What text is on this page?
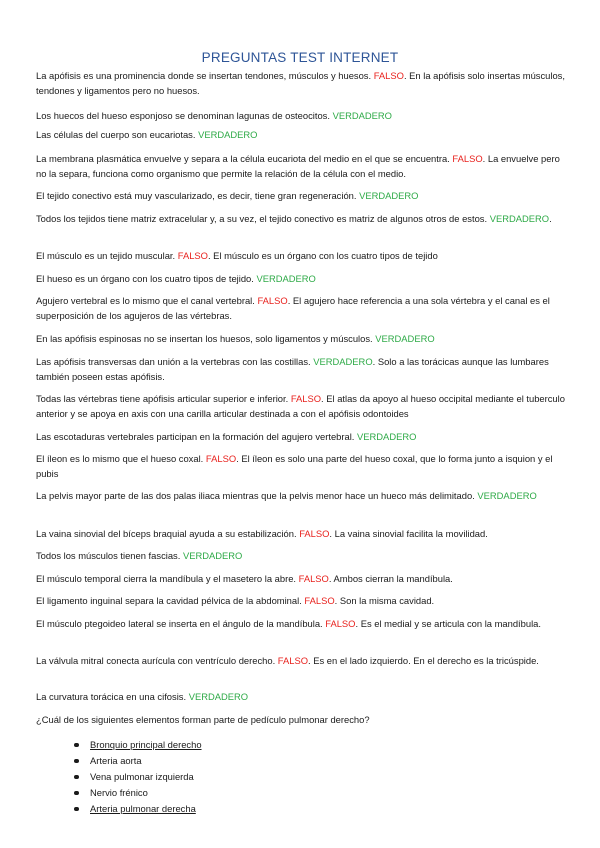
PREGUNTAS TEST INTERNET
La apófisis es una prominencia donde se insertan tendones, músculos y huesos. FALSO. En la apófisis solo insertas músculos, tendones y ligamentos pero no huesos.
Los huecos del hueso esponjoso se denominan lagunas de osteocitos. VERDADERO
Las células del cuerpo son eucariotas. VERDADERO
La membrana plasmática envuelve y separa a la célula eucariota del medio en el que se encuentra. FALSO. La envuelve pero no la separa, funciona como organismo que permite la relación de la célula con el medio.
El tejido conectivo está muy vascularizado, es decir, tiene gran regeneración. VERDADERO
Todos los tejidos tiene matriz extracelular y, a su vez, el tejido conectivo es matriz de algunos otros de estos. VERDADERO.
El músculo es un tejido muscular. FALSO. El músculo es un órgano con los cuatro tipos de tejido
El hueso es un órgano con los cuatro tipos de tejido. VERDADERO
Agujero vertebral es lo mismo que el canal vertebral. FALSO. El agujero hace referencia a una sola vértebra y el canal es el superposición de los agujeros de las vértebras.
En las apófisis espinosas no se insertan los huesos, solo ligamentos y músculos. VERDADERO
Las apófisis transversas dan unión a la vertebras con las costillas. VERDADERO. Solo a las torácicas aunque las lumbares también poseen estas apófisis.
Todas las vértebras tiene apófisis articular superior e inferior. FALSO. El atlas da apoyo al hueso occipital mediante el tuberculo anterior y se apoya en axis con una carilla articular destinada a con el apófisis odontoides
Las escotaduras vertebrales participan en la formación del agujero vertebral. VERDADERO
El íleon es lo mismo que el hueso coxal. FALSO. El íleon es solo una parte del hueso coxal, que lo forma junto a isquion y el pubis
La pelvis mayor parte de las dos palas iliaca mientras que la pelvis menor hace un hueco más delimitado. VERDADERO
La vaina sinovial del bíceps braquial ayuda a su estabilización. FALSO. La vaina sinovial facilita la movilidad.
Todos los músculos tienen fascias. VERDADERO
El músculo temporal cierra la mandíbula y el masetero la abre. FALSO. Ambos cierran la mandíbula.
El ligamento inguinal separa la cavidad pélvica de la abdominal. FALSO. Son la misma cavidad.
El músculo ptegoideo lateral se inserta en el ángulo de la mandíbula. FALSO. Es el medial y se articula con la mandíbula.
La válvula mitral conecta aurícula con ventrículo derecho. FALSO. Es en el lado izquierdo. En el derecho es la tricúspide.
La curvatura torácica en una cifosis. VERDADERO
¿Cuál de los siguientes elementos forman parte de pedículo pulmonar derecho?
Bronquio principal derecho
Arteria aorta
Vena pulmonar izquierda
Nervio frénico
Arteria pulmonar derecha
